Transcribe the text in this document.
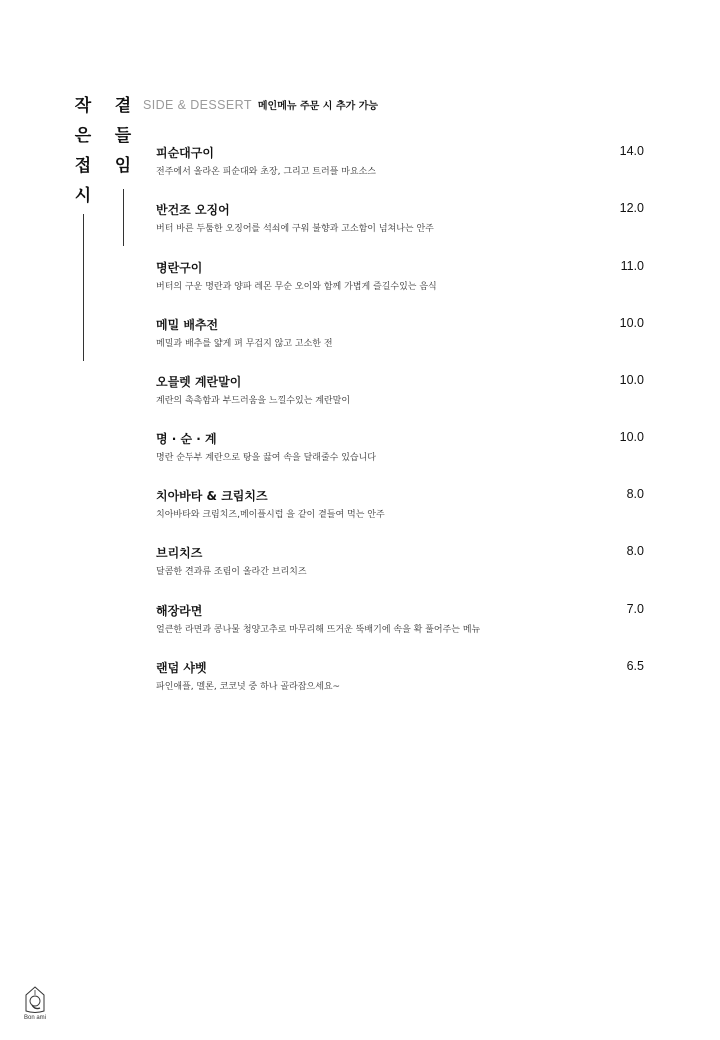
작
은
접
시
곁
들
임
SIDE & DESSERT 메인메뉴 주문 시 추가 가능
피순대구이	14.0
전주에서 올라온 피순대와 초장, 그리고 트러플 마요소스
반건조 오징어	12.0
버터 바른 두툼한 오징어를 석쇠에 구워 불향과 고소함이 넘쳐나는 안주
명란구이	11.0
버터의 구운 명란과 양파 레몬 무순 오이와 함께 가볍게 즐길수있는 음식
메밀 배추전	10.0
메밀과 배추를 얇게 펴 무겁지 않고 고소한 전
오믈렛 계란말이	10.0
계란의 촉촉함과 부드러움을 느낄수있는 계란말이
명 · 순 · 계	10.0
명란 순두부 계란으로 탕을 끓여 속을 달래줄수 있습니다
치아바타 & 크림치즈	8.0
치아바타와 크림치즈,메이플시럽 을 같이 곁들여 먹는 안주
브리치즈	8.0
달콤한 견과류 조림이 올라간 브리치즈
해장라면	7.0
얼큰한 라면과 콩나물 청양고추로 마무리해 뜨거운 뚝배기에 속을 확 풀어주는 메뉴
랜덤 샤벳	6.5
파인애플, 멜론, 코코넛 중 하나 골라잡으세요~
Bon ami
